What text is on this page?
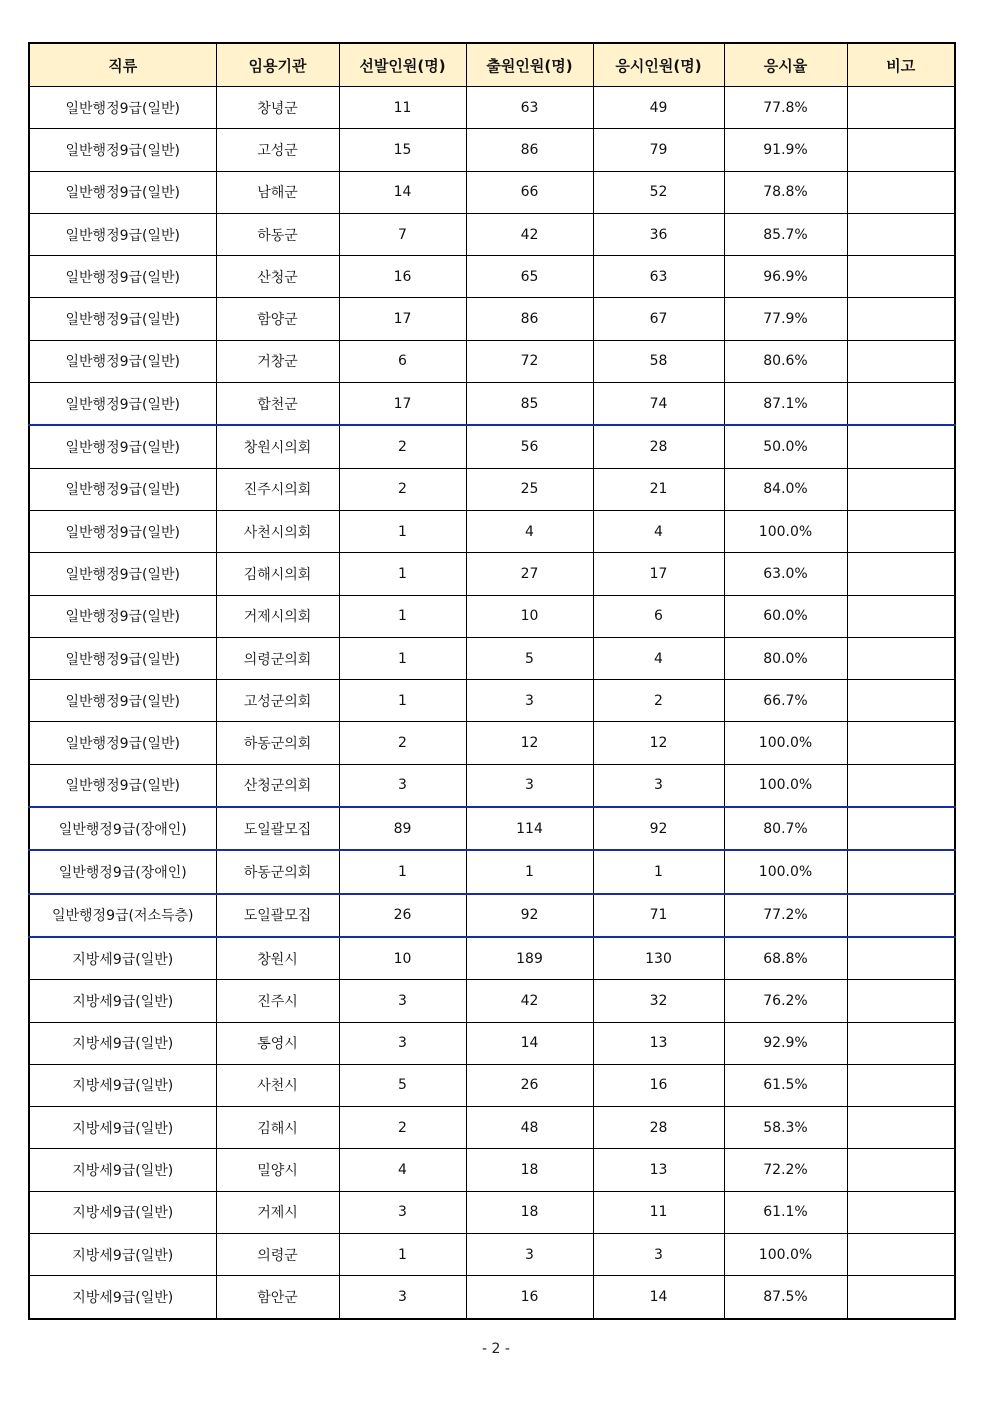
직류	임용기관	선발인원(명)	출원인원(명)	응시인원(명)	응시율	비고
일반행정9급(일반)	창녕군	11	63	49	77.8%	
일반행정9급(일반)	고성군	15	86	79	91.9%	
일반행정9급(일반)	남해군	14	66	52	78.8%	
일반행정9급(일반)	하동군	7	42	36	85.7%	
일반행정9급(일반)	산청군	16	65	63	96.9%	
일반행정9급(일반)	함양군	17	86	67	77.9%	
일반행정9급(일반)	거창군	6	72	58	80.6%	
일반행정9급(일반)	합천군	17	85	74	87.1%	
일반행정9급(일반)	창원시의회	2	56	28	50.0%	
일반행정9급(일반)	진주시의회	2	25	21	84.0%	
일반행정9급(일반)	사천시의회	1	4	4	100.0%	
일반행정9급(일반)	김해시의회	1	27	17	63.0%	
일반행정9급(일반)	거제시의회	1	10	6	60.0%	
일반행정9급(일반)	의령군의회	1	5	4	80.0%	
일반행정9급(일반)	고성군의회	1	3	2	66.7%	
일반행정9급(일반)	하동군의회	2	12	12	100.0%	
일반행정9급(일반)	산청군의회	3	3	3	100.0%	
일반행정9급(장애인)	도일괄모집	89	114	92	80.7%	
일반행정9급(장애인)	하동군의회	1	1	1	100.0%	
일반행정9급(저소득층)	도일괄모집	26	92	71	77.2%	
지방세9급(일반)	창원시	10	189	130	68.8%	
지방세9급(일반)	진주시	3	42	32	76.2%	
지방세9급(일반)	통영시	3	14	13	92.9%	
지방세9급(일반)	사천시	5	26	16	61.5%	
지방세9급(일반)	김해시	2	48	28	58.3%	
지방세9급(일반)	밀양시	4	18	13	72.2%	
지방세9급(일반)	거제시	3	18	11	61.1%	
지방세9급(일반)	의령군	1	3	3	100.0%	
지방세9급(일반)	함안군	3	16	14	87.5%	
- 2 -
